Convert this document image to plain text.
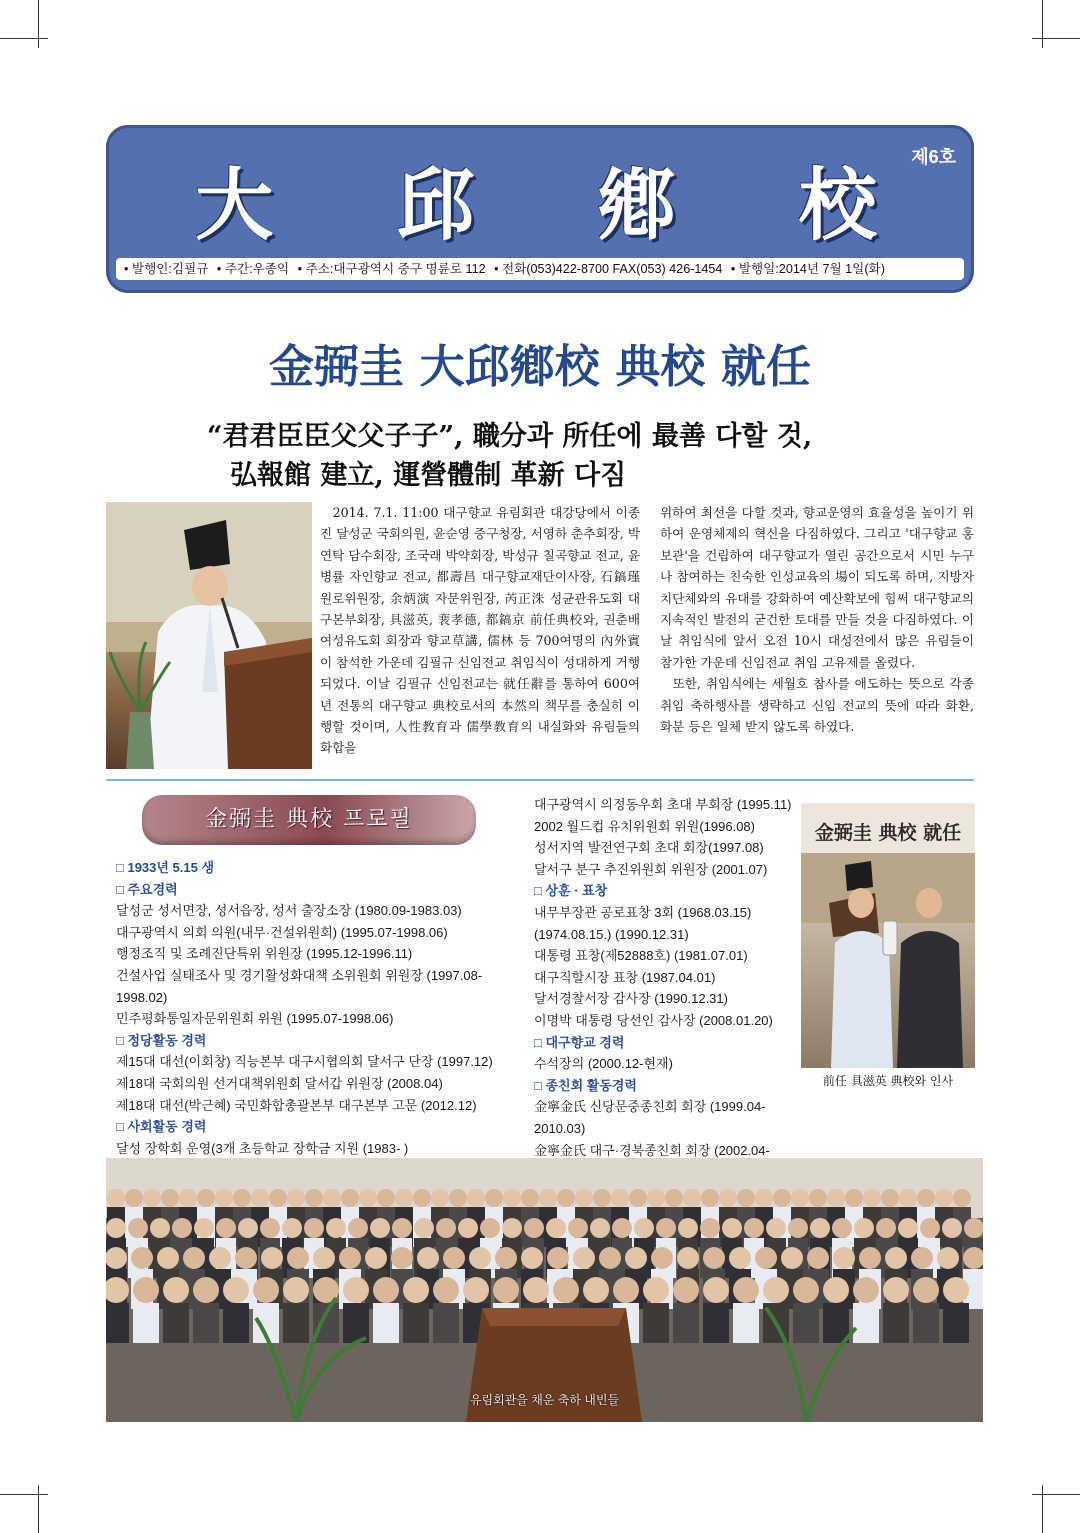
大 邱 鄕 校
제6호
• 발행인:김필규 • 주간:우종익 • 주소:대구광역시 중구 명륜로 112 • 전화(053)422-8700 FAX(053) 426-1454 • 발행일:2014년 7월 1일(화)
金弼圭 大邱鄕校 典校 就任
“君君臣臣父父子子”, 職分과 所任에 最善 다할 것,
弘報館 建立, 運營體制 革新 다짐
2014. 7.1. 11:00 대구향교 유림회관 대강당에서 이종진 달성군 국회의원, 윤순영 중구청장, 서영하 춘추회장, 박연탁 담수회장, 조국래 박약회장, 박성규 칠곡향교 전교, 윤병률 자인향교 전교, 都壽昌 대구향교재단이사장, 石鎬瑾 원로위원장, 余炳演 자문위원장, 芮正洙 성균관유도회 대구본부회장, 具滋英, 裵孝德, 都鎬京 前任典校와, 권춘배 여성유도회 회장과 향교草講, 儒林 등 700여명의 內外賓이 참석한 가운데 김필규 신임전교 취임식이 성대하게 거행되었다. 이날 김필규 신임전교는 就任辭를 통하여 600여년 전통의 대구향교 典校로서의 本然의 책무를 충실히 이행할 것이며, 人性教育과 儒學教育의 내실화와 유림들의 화합을
위하여 최선을 다할 것과, 향교운영의 효율성을 높이기 위하여 운영체제의 혁신을 다짐하였다. 그리고 '대구향교 홍보관'을 건립하여 대구향교가 열린 공간으로서 시민 누구나 참여하는 친숙한 인성교육의 場이 되도록 하며, 지방자치단체와의 유대를 강화하여 예산확보에 힘써 대구향교의 지속적인 발전의 굳건한 토대를 만들 것을 다짐하였다. 이날 취임식에 앞서 오전 10시 대성전에서 많은 유림들이 참가한 가운데 신임전교 취임 고유제를 올렸다.
또한, 취임식에는 세월호 참사를 애도하는 뜻으로 각종 취임 축하행사를 생략하고 신임 전교의 뜻에 따라 화환, 화분 등은 일체 받지 않도록 하였다.
金弼圭 典校 프로필
□ 1933년 5.15 생
□ 주요경력
달성군 성서면장, 성서읍장, 성서 출장소장 (1980.09-1983.03)
대구광역시 의회 의원(내무·건설위원회) (1995.07-1998.06)
행정조직 및 조례진단특위 위원장 (1995.12-1996.11)
건설사업 실태조사 및 경기활성화대책 소위원회 위원장 (1997.08-1998.02)
민주평화통일자문위원회 위원 (1995.07-1998.06)
□ 정당활동 경력
제15대 대선(이회창) 직능본부 대구시협의회 달서구 단장 (1997.12)
제18대 국회의원 선거대책위원회 달서갑 위원장 (2008.04)
제18대 대선(박근혜) 국민화합총괄본부 대구본부 고문 (2012.12)
□ 사회활동 경력
달성 장학회 운영(3개 초등학교 장학금 지원 (1983- )
대구광역시 의정동우회 초대 부회장 (1995.11)
2002 월드컵 유치위원회 위원(1996.08)
성서지역 발전연구회 초대 회장(1997.08)
달서구 분구 추진위원회 위원장 (2001.07)
□ 상훈 · 표창
내무부장관 공로표창 3회 (1968.03.15)
(1974.08.15.) (1990.12.31)
대통령 표창(제52888호) (1981.07.01)
대구직할시장 표창 (1987.04.01)
달서경찰서장 감사장 (1990.12.31)
이명박 대통령 당선인 감사장 (2008.01.20)
□ 대구향교 경력
수석장의 (2000.12-현재)
□ 종친회 활동경력
金寧金氏 신당문중종친회 회장 (1999.04-2010.03)
金寧金氏 대구·경북종친회 회장 (2002.04-
金弼圭 典校 就任
前任 具滋英 典校와 인사
유림회관을 채운 축하 내빈들
